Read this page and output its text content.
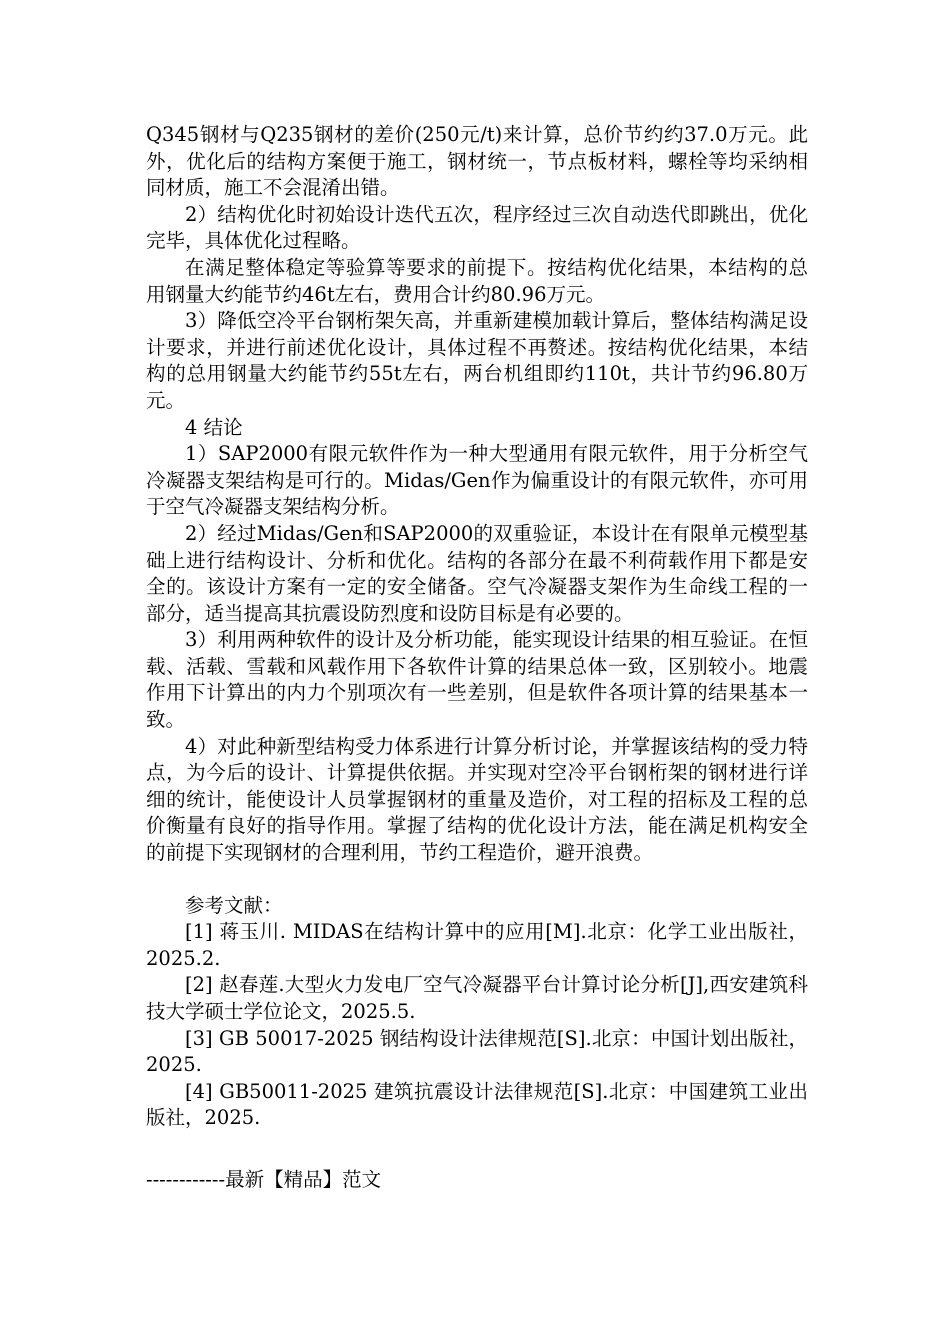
Q345钢材与Q235钢材的差价(250元/t)来计算，总价节约约37.0万元。此外，优化后的结构方案便于施工，钢材统一，节点板材料，螺栓等均采纳相同材质，施工不会混淆出错。

2）结构优化时初始设计迭代五次，程序经过三次自动迭代即跳出，优化完毕，具体优化过程略。

在满足整体稳定等验算等要求的前提下。按结构优化结果，本结构的总用钢量大约能节约46t左右，费用合计约80.96万元。

3）降低空冷平台钢桁架矢高，并重新建模加载计算后，整体结构满足设计要求，并进行前述优化设计，具体过程不再赘述。按结构优化结果，本结构的总用钢量大约能节约55t左右，两台机组即约110t，共计节约96.80万元。

4 结论

1）SAP2000有限元软件作为一种大型通用有限元软件，用于分析空气冷凝器支架结构是可行的。Midas/Gen作为偏重设计的有限元软件，亦可用于空气冷凝器支架结构分析。

2）经过Midas/Gen和SAP2000的双重验证，本设计在有限单元模型基础上进行结构设计、分析和优化。结构的各部分在最不利荷载作用下都是安全的。该设计方案有一定的安全储备。空气冷凝器支架作为生命线工程的一部分，适当提高其抗震设防烈度和设防目标是有必要的。

3）利用两种软件的设计及分析功能，能实现设计结果的相互验证。在恒载、活载、雪载和风载作用下各软件计算的结果总体一致，区别较小。地震作用下计算出的内力个别项次有一些差别，但是软件各项计算的结果基本一致。

4）对此种新型结构受力体系进行计算分析讨论，并掌握该结构的受力特点，为今后的设计、计算提供依据。并实现对空冷平台钢桁架的钢材进行详细的统计，能使设计人员掌握钢材的重量及造价，对工程的招标及工程的总价衡量有良好的指导作用。掌握了结构的优化设计方法，能在满足机构安全的前提下实现钢材的合理利用，节约工程造价，避开浪费。

参考文献：

[1] 蒋玉川. MIDAS在结构计算中的应用[M].北京：化学工业出版社，2025.2.

[2] 赵春莲.大型火力发电厂空气冷凝器平台计算讨论分析[J],西安建筑科技大学硕士学位论文，2025.5.

[3] GB 50017-2025 钢结构设计法律规范[S].北京：中国计划出版社，2025.

[4] GB50011-2025 建筑抗震设计法律规范[S].北京：中国建筑工业出版社，2025.

------------最新【精品】范文
